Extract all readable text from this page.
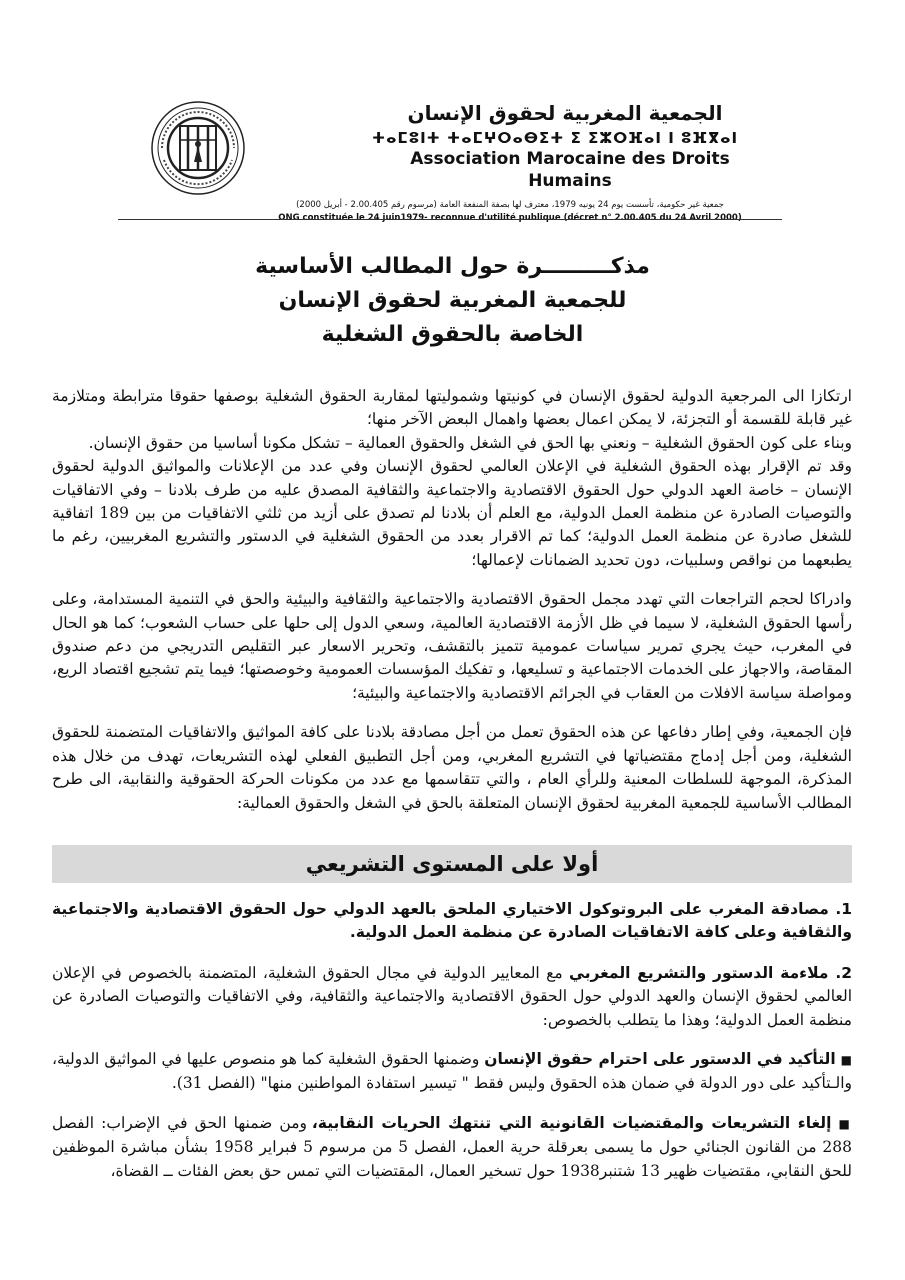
الجمعية المغربية لحقوق الإنسان
ⵜⴰⵎⵓⵏⵜ ⵜⴰⵎⵖⵔⴰⴱⵉⵜ ⵉ ⵉⵣⵔⴼⴰⵏ ⵏ ⵓⴼⴳⴰⵏ
Association Marocaine des Droits Humains
جمعية غير حكومية، تأسست يوم 24 يونيه 1979، معترف لها بصفة المنفعة العامة (مرسوم رقم 2.00.405 - أبريل 2000)
ONG constituée le 24 juin1979- reconnue d'utilité publique (décret n° 2.00.405 du 24 Avril 2000)
مذكـــــــــرة حول المطالب الأساسية
للجمعية المغربية لحقوق الإنسان
الخاصة بالحقوق الشغلية

ارتكازا الى المرجعية الدولية لحقوق الإنسان في كونيتها وشموليتها لمقاربة الحقوق الشغلية بوصفها حقوقا مترابطة ومتلازمة غير قابلة للقسمة أو التجزئة، لا يمكن اعمال بعضها واهمال البعض الآخر منها؛

وبناء على كون الحقوق الشغلية – ونعني بها الحق في الشغل والحقوق العمالية – تشكل مكونا أساسيا من حقوق الإنسان.

وقد تم الإقرار بهذه الحقوق الشغلية في الإعلان العالمي لحقوق الإنسان وفي عدد من الإعلانات والمواثيق الدولية لحقوق الإنسان – خاصة العهد الدولي حول الحقوق الاقتصادية والاجتماعية والثقافية المصدق عليه من طرف بلادنا – وفي الاتفاقيات والتوصيات الصادرة عن منظمة العمل الدولية، مع العلم أن بلادنا لم تصدق على أزيد من ثلثي الاتفاقيات من بين 189 اتفاقية للشغل صادرة عن منظمة العمل الدولية؛ كما تم الاقرار بعدد من الحقوق الشغلية في الدستور والتشريع المغربيين، رغم ما يطبعهما من نواقص وسلبيات، دون تحديد الضمانات لإعمالها؛

وادراكا لحجم التراجعات التي تهدد مجمل الحقوق الاقتصادية والاجتماعية والثقافية والبيئية والحق في التنمية المستدامة، وعلى رأسها الحقوق الشغلية، لا سيما في ظل الأزمة الاقتصادية العالمية، وسعي الدول إلى حلها على حساب الشعوب؛ كما هو الحال في المغرب، حيث يجري تمرير سياسات عمومية تتميز بالتقشف، وتحرير الاسعار عبر التقليص التدريجي من دعم صندوق المقاصة، والاجهاز على الخدمات الاجتماعية و تسليعها، و تفكيك المؤسسات العمومية وخوصصتها؛ فيما يتم تشجيع اقتصاد الريع، ومواصلة سياسة الافلات من العقاب في الجرائم الاقتصادية والاجتماعية والبيئية؛

فإن الجمعية، وفي إطار دفاعها عن هذه الحقوق تعمل من أجل مصادقة بلادنا على كافة المواثيق والاتفاقيات المتضمنة للحقوق الشغلية، ومن أجل إدماج مقتضياتها في التشريع المغربي، ومن أجل التطبيق الفعلي لهذه التشريعات، تهدف من خلال هذه المذكرة، الموجهة للسلطات المعنية وللرأي العام ، والتي تتقاسمها مع عدد من مكونات الحركة الحقوقية والنقابية، الى طرح المطالب الأساسية للجمعية المغربية لحقوق الإنسان المتعلقة بالحق في الشغل والحقوق العمالية:

أولا على المستوى التشريعي
1. مصادقة المغرب على البروتوكول الاختياري الملحق بالعهد الدولي حول الحقوق الاقتصادية والاجتماعية والثقافية وعلى كافة الاتفاقيات الصادرة عن منظمة العمل الدولية.
2. ملاءمة الدستور والتشريع المغربي مع المعايير الدولية في مجال الحقوق الشغلية، المتضمنة بالخصوص في الإعلان العالمي لحقوق الإنسان والعهد الدولي حول الحقوق الاقتصادية والاجتماعية والثقافية، وفي الاتفاقيات والتوصيات الصادرة عن منظمة العمل الدولية؛ وهذا ما يتطلب بالخصوص:
■ التأكيد في الدستور على احترام حقوق الإنسان وضمنها الحقوق الشغلية كما هو منصوص عليها في المواثيق الدولية، والـتأكيد على دور الدولة في ضمان هذه الحقوق وليس فقط " تيسير استفادة المواطنين منها" (الفصل 31).
■ إلغاء التشريعات والمقتضيات القانونية التي تنتهك الحريات النقابية، ومن ضمنها الحق في الإضراب: الفصل 288 من القانون الجنائي حول ما يسمى بعرقلة حرية العمل، الفصل 5 من مرسوم 5 فبراير 1958 بشأن مباشرة الموظفين للحق النقابي، مقتضيات ظهير 13 شتنبر1938 حول تسخير العمال، المقتضيات التي تمس حق بعض الفئات ــ القضاة،
